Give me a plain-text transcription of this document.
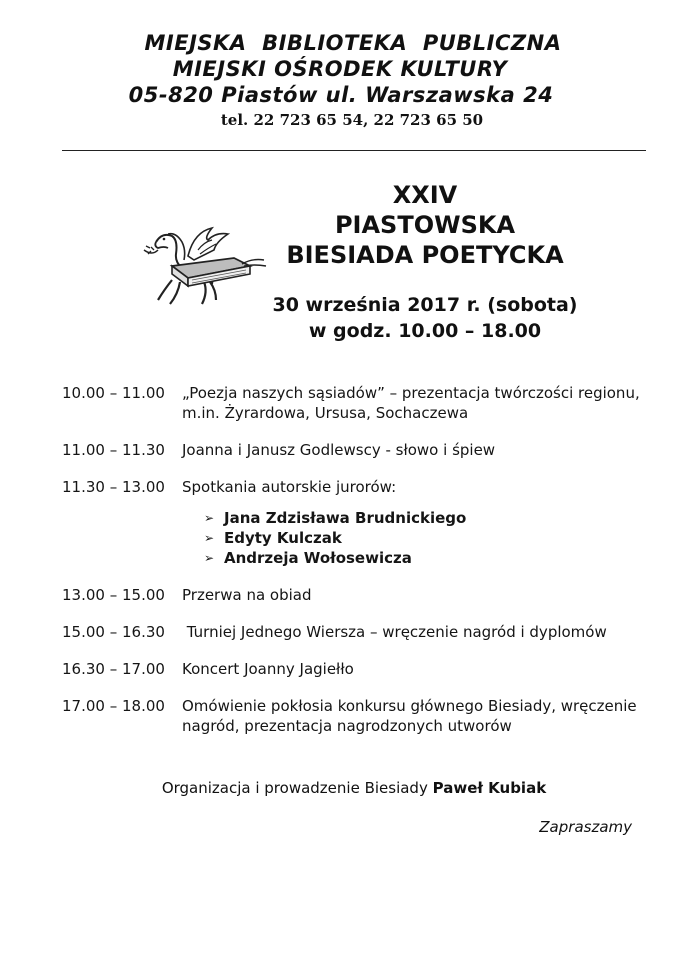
MIEJSKA  BIBLIOTEKA  PUBLICZNA
MIEJSKI OŚRODEK KULTURY
05-820 Piastów ul. Warszawska 24
tel. 22 723 65 54, 22 723 65 50
XXIV
PIASTOWSKA
BIESIADA POETYCKA
30 września 2017 r. (sobota)
w godz. 10.00 – 18.00
10.00 – 11.00	„Poezja naszych sąsiadów” – prezentacja twórczości regionu, m.in. Żyrardowa, Ursusa, Sochaczewa
11.00 – 11.30	Joanna i Janusz Godlewscy - słowo i śpiew
11.30 – 13.00	Spotkania autorskie jurorów:
➢ Jana Zdzisława Brudnickiego
➢ Edyty Kulczak
➢ Andrzeja Wołosewicza
13.00 – 15.00	Przerwa na obiad
15.00 – 16.30	Turniej Jednego Wiersza – wręczenie nagród i dyplomów
16.30 – 17.00	Koncert Joanny Jagiełło
17.00 – 18.00	Omówienie pokłosia konkursu głównego Biesiady, wręczenie nagród, prezentacja nagrodzonych utworów
Organizacja i prowadzenie Biesiady Paweł Kubiak
Zapraszamy
